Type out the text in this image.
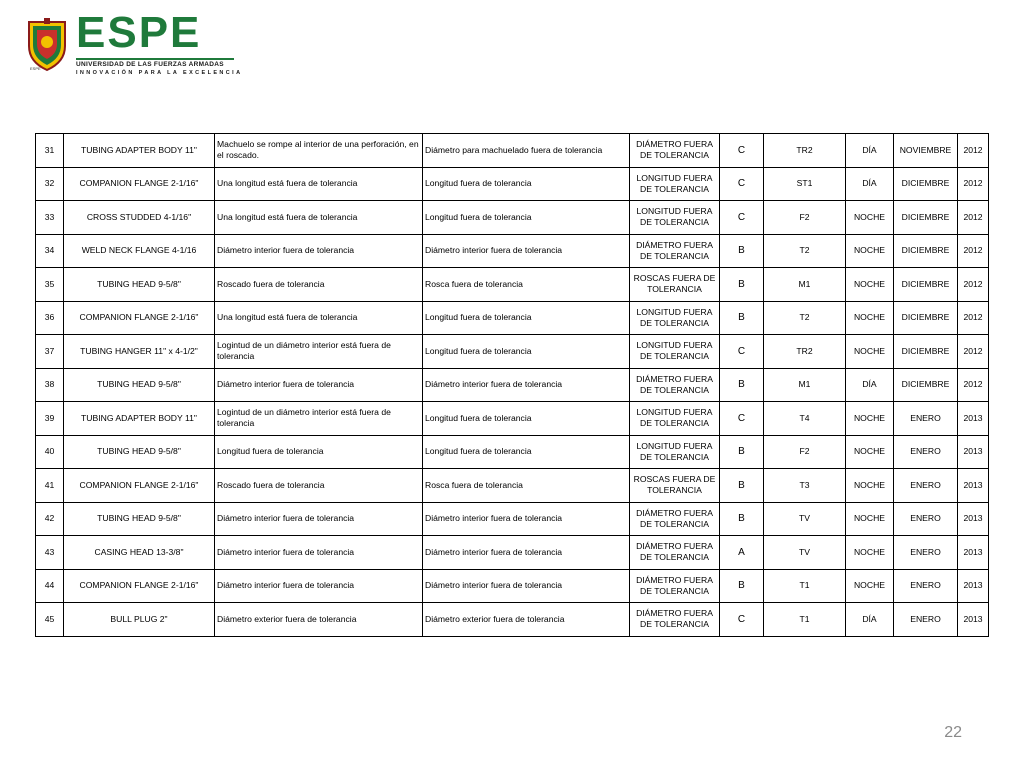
ESPE
ESPE
UNIVERSIDAD DE LAS FUERZAS ARMADAS
INNOVACIÓN PARA LA EXCELENCIA
31	TUBING ADAPTER BODY 11"	Machuelo se rompe al interior de una perforación, en el roscado.	Diámetro para machuelado fuera de tolerancia	DIÁMETRO FUERA DE TOLERANCIA	C	TR2	DÍA	NOVIEMBRE	2012
32	COMPANION FLANGE 2-1/16"	Una longitud está fuera de tolerancia	Longitud fuera de tolerancia	LONGITUD FUERA DE TOLERANCIA	C	ST1	DÍA	DICIEMBRE	2012
33	CROSS STUDDED 4-1/16"	Una longitud está fuera de tolerancia	Longitud fuera de tolerancia	LONGITUD FUERA DE TOLERANCIA	C	F2	NOCHE	DICIEMBRE	2012
34	WELD NECK FLANGE 4-1/16	Diámetro interior fuera de tolerancia	Diámetro interior fuera de tolerancia	DIÁMETRO FUERA DE TOLERANCIA	B	T2	NOCHE	DICIEMBRE	2012
35	TUBING HEAD 9-5/8"	Roscado fuera de tolerancia	Rosca fuera de tolerancia	ROSCAS FUERA DE TOLERANCIA	B	M1	NOCHE	DICIEMBRE	2012
36	COMPANION FLANGE 2-1/16"	Una longitud está fuera de tolerancia	Longitud fuera de tolerancia	LONGITUD FUERA DE TOLERANCIA	B	T2	NOCHE	DICIEMBRE	2012
37	TUBING HANGER 11" x 4-1/2"	Logintud de un diámetro interior está fuera de tolerancia	Longitud fuera de tolerancia	LONGITUD FUERA DE TOLERANCIA	C	TR2	NOCHE	DICIEMBRE	2012
38	TUBING HEAD 9-5/8"	Diámetro interior fuera de tolerancia	Diámetro interior fuera de tolerancia	DIÁMETRO FUERA DE TOLERANCIA	B	M1	DÍA	DICIEMBRE	2012
39	TUBING ADAPTER BODY 11"	Logintud de un diámetro interior está fuera de tolerancia	Longitud fuera de tolerancia	LONGITUD FUERA DE TOLERANCIA	C	T4	NOCHE	ENERO	2013
40	TUBING HEAD 9-5/8"	Longitud fuera de tolerancia	Longitud fuera de tolerancia	LONGITUD FUERA DE TOLERANCIA	B	F2	NOCHE	ENERO	2013
41	COMPANION FLANGE 2-1/16"	Roscado fuera de tolerancia	Rosca fuera de tolerancia	ROSCAS FUERA DE TOLERANCIA	B	T3	NOCHE	ENERO	2013
42	TUBING HEAD 9-5/8"	Diámetro interior fuera de tolerancia	Diámetro interior fuera de tolerancia	DIÁMETRO FUERA DE TOLERANCIA	B	TV	NOCHE	ENERO	2013
43	CASING HEAD 13-3/8"	Diámetro interior fuera de tolerancia	Diámetro interior fuera de tolerancia	DIÁMETRO FUERA DE TOLERANCIA	A	TV	NOCHE	ENERO	2013
44	COMPANION FLANGE 2-1/16"	Diámetro interior fuera de tolerancia	Diámetro interior fuera de tolerancia	DIÁMETRO FUERA DE TOLERANCIA	B	T1	NOCHE	ENERO	2013
45	BULL PLUG 2"	Diámetro exterior fuera de tolerancia	Diámetro exterior fuera de tolerancia	DIÁMETRO FUERA DE TOLERANCIA	C	T1	DÍA	ENERO	2013
22
